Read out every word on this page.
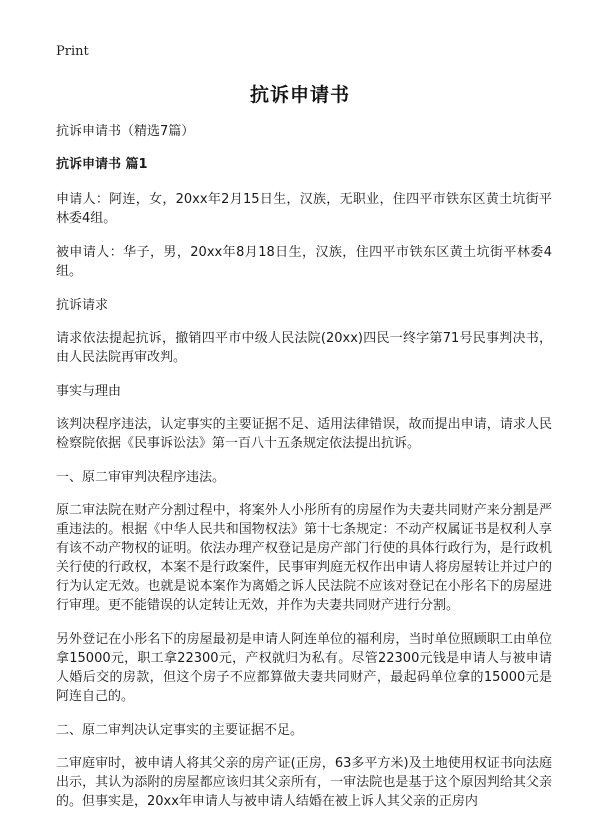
Print
抗诉申请书

抗诉申请书（精选7篇）

抗诉申请书 篇1

申请人：阿连，女，20xx年2月15日生，汉族，无职业，住四平市铁东区黄土坑街平林委4组。

被申请人：华子，男，20xx年8月18日生，汉族，住四平市铁东区黄土坑街平林委4组。

抗诉请求

请求依法提起抗诉，撤销四平市中级人民法院(20xx)四民一终字第71号民事判决书，由人民法院再审改判。

事实与理由

该判决程序违法，认定事实的主要证据不足、适用法律错误，故而提出申请，请求人民检察院依据《民事诉讼法》第一百八十五条规定依法提出抗诉。

一、原二审审判决程序违法。

原二审法院在财产分割过程中，将案外人小彤所有的房屋作为夫妻共同财产来分割是严重违法的。根据《中华人民共和国物权法》第十七条规定：不动产权属证书是权利人享有该不动产物权的证明。依法办理产权登记是房产部门行使的具体行政行为，是行政机关行使的行政权，本案不是行政案件，民事审判庭无权作出申请人将房屋转让并过户的行为认定无效。也就是说本案作为离婚之诉人民法院不应该对登记在小彤名下的房屋进行审理。更不能错误的认定转让无效，并作为夫妻共同财产进行分割。

另外登记在小彤名下的房屋最初是申请人阿连单位的福利房，当时单位照顾职工由单位拿15000元，职工拿22300元，产权就归为私有。尽管22300元钱是申请人与被申请人婚后交的房款，但这个房子不应都算做夫妻共同财产，最起码单位拿的15000元是阿连自己的。

二、原二审判决认定事实的主要证据不足。

二审庭审时，被申请人将其父亲的房产证(正房，63多平方米)及土地使用权证书向法庭出示，其认为添附的房屋都应该归其父亲所有，一审法院也是基于这个原因判给其父亲的。但事实是，20xx年申请人与被申请人结婚在被上诉人其父亲的正房内
